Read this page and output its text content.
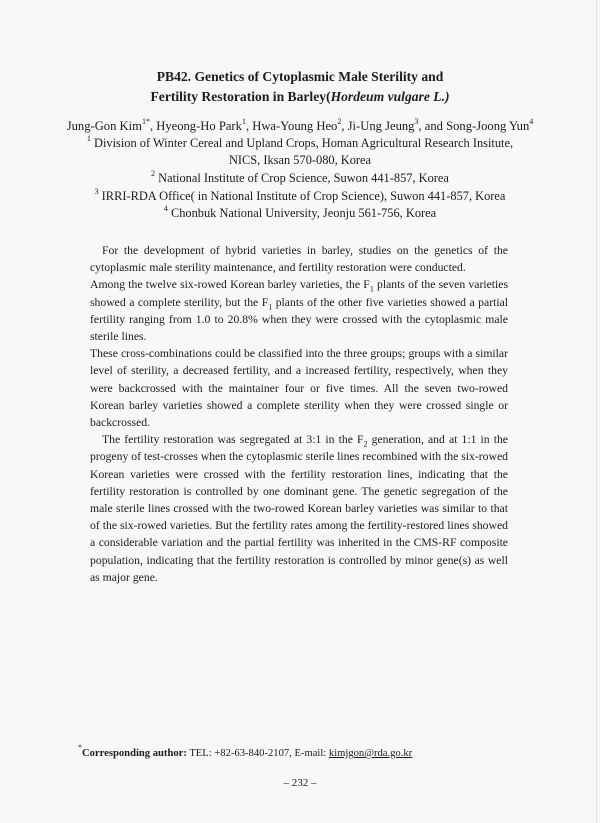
PB42. Genetics of Cytoplasmic Male Sterility and
Fertility Restoration in Barley(Hordeum vulgare L.)
Jung-Gon Kim$^{1*}$, Hyeong-Ho Park$^1$, Hwa-Young Heo$^2$, Ji-Ung Jeung$^3$, and Song-Joong Yun$^4$
$^1$ Division of Winter Cereal and Upland Crops, Homan Agricultural Research Insitute,
NICS, Iksan 570-080, Korea
$^2$ National Institute of Crop Science, Suwon 441-857, Korea
$^3$ IRRI-RDA Office( in National Institute of Crop Science), Suwon 441-857, Korea
$^4$ Chonbuk National University, Jeonju 561-756, Korea

For the development of hybrid varieties in barley, studies on the genetics of the cytoplasmic male sterility maintenance, and fertility restoration were conducted.

Among the twelve six-rowed Korean barley varieties, the $F_1$ plants of the seven varieties showed a complete sterility, but the $F_1$ plants of the other five varieties showed a partial fertility ranging from 1.0 to 20.8% when they were crossed with the cytoplasmic male sterile lines.

These cross-combinations could be classified into the three groups; groups with a similar level of sterility, a decreased fertility, and a increased fertility, respectively, when they were backcrossed with the maintainer four or five times. All the seven two-rowed Korean barley varieties showed a complete sterility when they were crossed single or backcrossed.

The fertility restoration was segregated at 3:1 in the $F_2$ generation, and at 1:1 in the progeny of test-crosses when the cytoplasmic sterile lines recombined with the six-rowed Korean varieties were crossed with the fertility restoration lines, indicating that the fertility restoration is controlled by one dominant gene. The genetic segregation of the male sterile lines crossed with the two-rowed Korean barley varieties was similar to that of the six-rowed varieties. But the fertility rates among the fertility-restored lines showed a considerable variation and the partial fertility was inherited in the CMS-RF composite population, indicating that the fertility restoration is controlled by minor gene(s) as well as major gene.

*Corresponding author: TEL: +82-63-840-2107, E-mail: kimjgon@rda.go.kr
– 232 –
